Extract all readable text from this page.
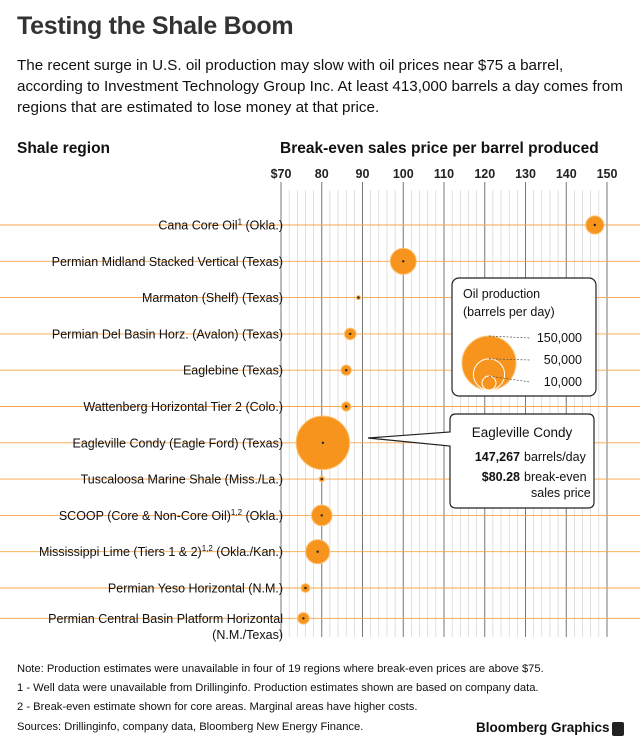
Testing the Shale Boom
The recent surge in U.S. oil production may slow with oil prices near $75 a barrel, according to Investment Technology Group Inc. At least 413,000 barrels a day comes from regions that are estimated to lose money at that price.
Shale region	Break-even sales price per barrel produced
$70 80 90 100 110 120 130 140 150
Cana Core Oil$^1$ (Okla.)
Permian Midland Stacked Vertical (Texas)
Marmaton (Shelf) (Texas)
Permian Del Basin Horz. (Avalon) (Texas)
Eaglebine (Texas)
Wattenberg Horizontal Tier 2 (Colo.)
Eagleville Condy (Eagle Ford) (Texas)
Tuscaloosa Marine Shale (Miss./La.)
SCOOP (Core & Non-Core Oil)$^{1,2}$ (Okla.)
Mississippi Lime (Tiers 1 & 2)$^{1,2}$ (Okla./Kan.)
Permian Yeso Horizontal (N.M.)
Permian Central Basin Platform Horizontal (N.M./Texas)
Oil production
(barrels per day)
150,000
50,000
10,000
Eagleville Condy
147,267 barrels/day
$80.28 break-even
sales price
Note: Production estimates were unavailable in four of 19 regions where break-even prices are above $75.
1 - Well data were unavailable from Drillinginfo. Production estimates shown are based on company data.
2 - Break-even estimate shown for core areas. Marginal areas have higher costs.
Sources: Drillinginfo, company data, Bloomberg New Energy Finance.	Bloomberg Graphics
